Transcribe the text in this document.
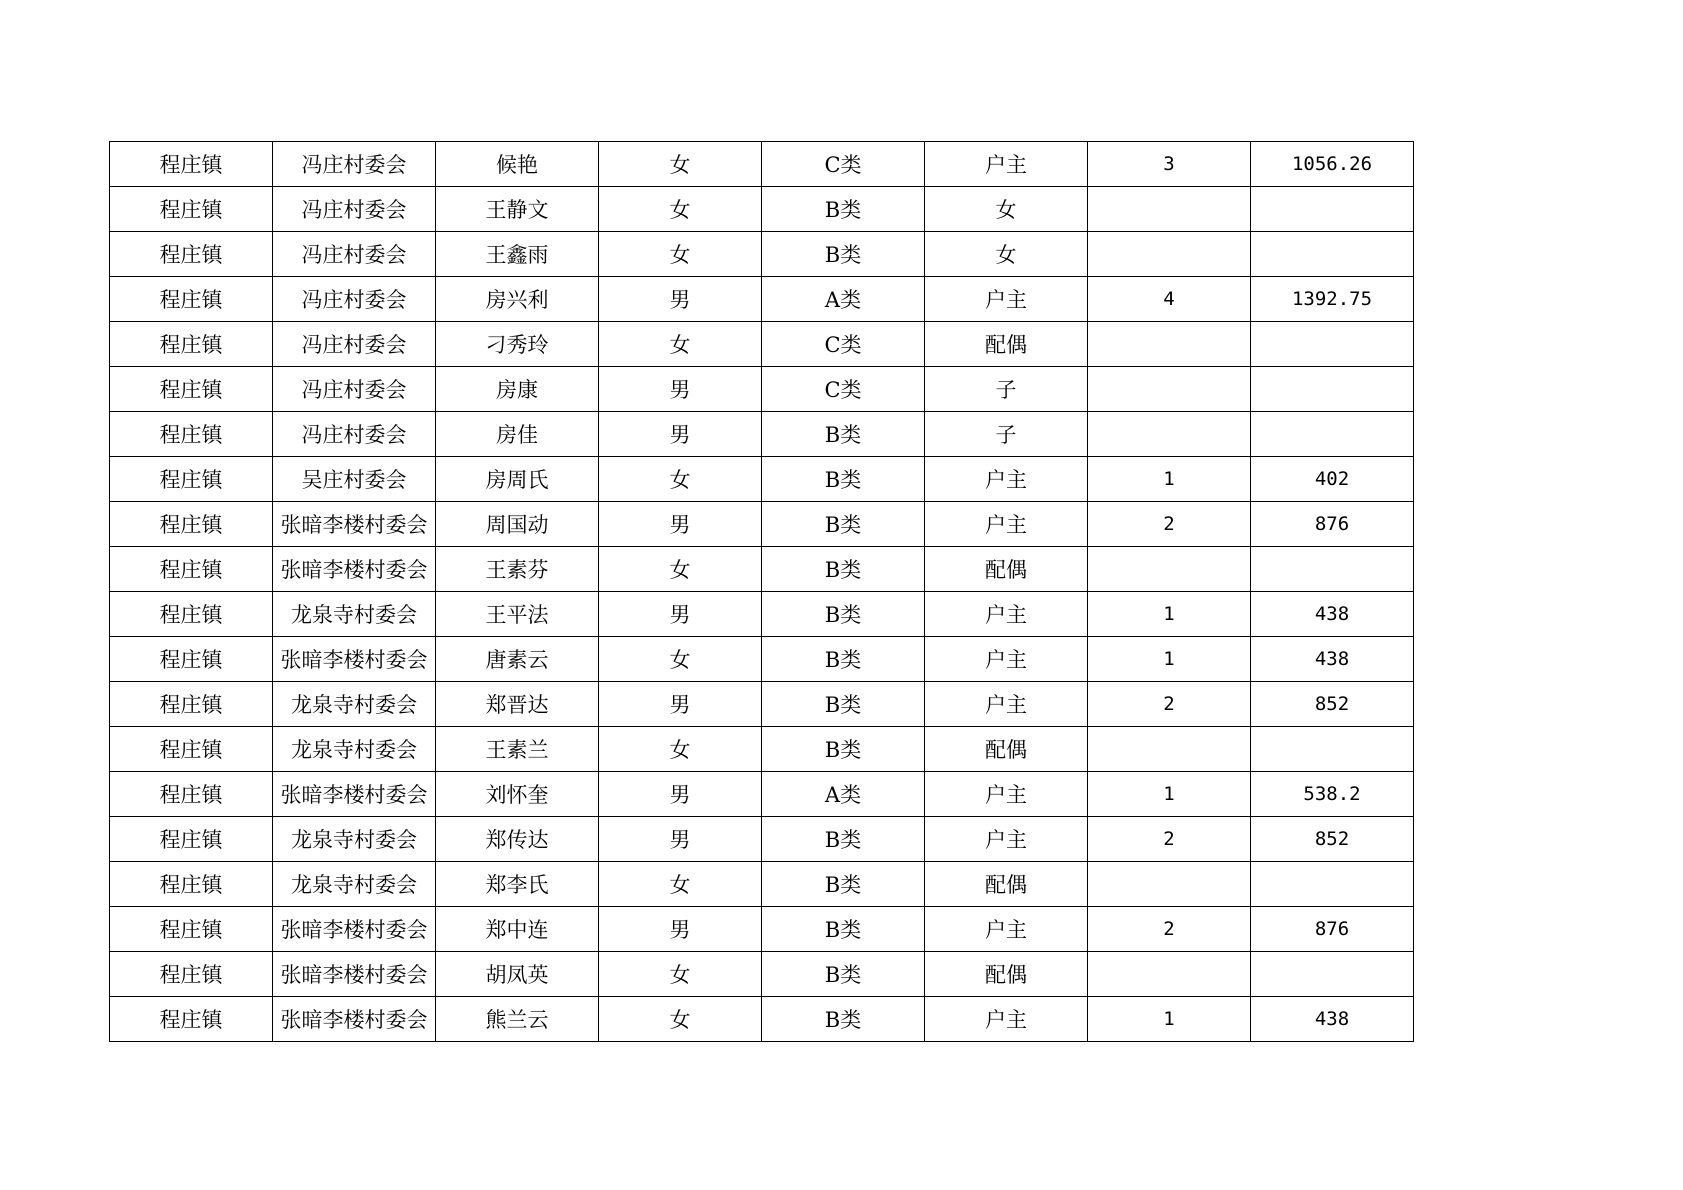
程庄镇	冯庄村委会	候艳	女	C类	户主	3	1056.26
程庄镇	冯庄村委会	王静文	女	B类	女		
程庄镇	冯庄村委会	王鑫雨	女	B类	女		
程庄镇	冯庄村委会	房兴利	男	A类	户主	4	1392.75
程庄镇	冯庄村委会	刁秀玲	女	C类	配偶		
程庄镇	冯庄村委会	房康	男	C类	子		
程庄镇	冯庄村委会	房佳	男	B类	子		
程庄镇	吴庄村委会	房周氏	女	B类	户主	1	402
程庄镇	张暗李楼村委会	周国动	男	B类	户主	2	876
程庄镇	张暗李楼村委会	王素芬	女	B类	配偶		
程庄镇	龙泉寺村委会	王平法	男	B类	户主	1	438
程庄镇	张暗李楼村委会	唐素云	女	B类	户主	1	438
程庄镇	龙泉寺村委会	郑晋达	男	B类	户主	2	852
程庄镇	龙泉寺村委会	王素兰	女	B类	配偶		
程庄镇	张暗李楼村委会	刘怀奎	男	A类	户主	1	538.2
程庄镇	龙泉寺村委会	郑传达	男	B类	户主	2	852
程庄镇	龙泉寺村委会	郑李氏	女	B类	配偶		
程庄镇	张暗李楼村委会	郑中连	男	B类	户主	2	876
程庄镇	张暗李楼村委会	胡凤英	女	B类	配偶		
程庄镇	张暗李楼村委会	熊兰云	女	B类	户主	1	438
